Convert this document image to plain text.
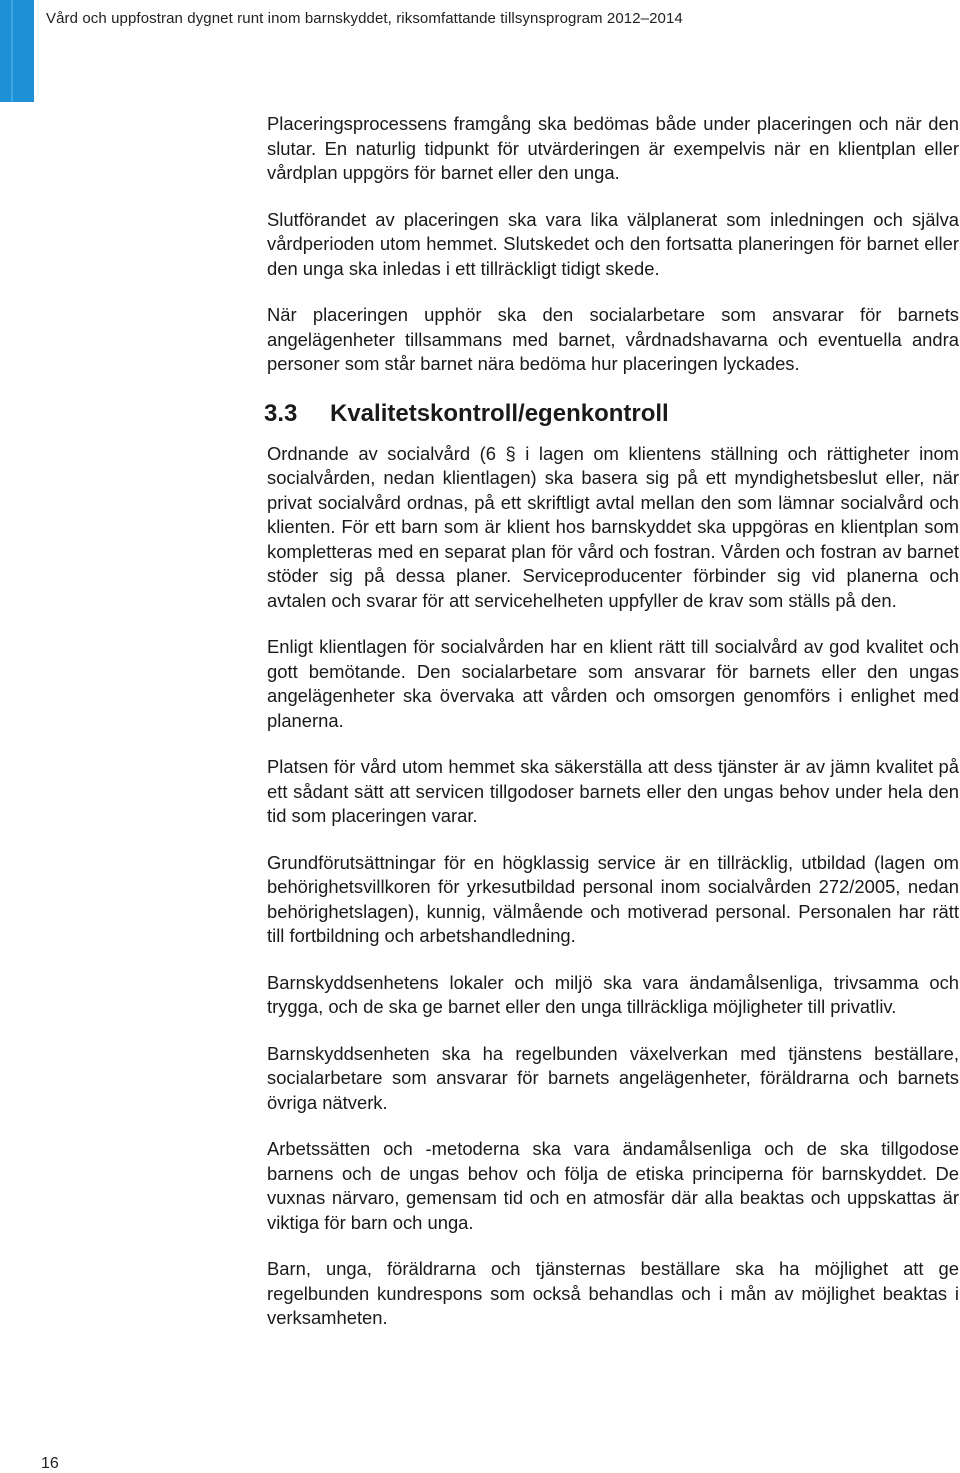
Vård och uppfostran dygnet runt inom barnskyddet, riksomfattande tillsynsprogram 2012–2014

Placeringsprocessens framgång ska bedömas både under placeringen och när den slutar. En naturlig tidpunkt för utvärderingen är exempelvis när en klientplan eller vårdplan uppgörs för barnet eller den unga.

Slutförandet av placeringen ska vara lika välplanerat som inledningen och själva vårdperioden utom hemmet. Slutskedet och den fortsatta planeringen för barnet eller den unga ska inledas i ett tillräckligt tidigt skede.

När placeringen upphör ska den socialarbetare som ansvarar för barnets angelägenheter tillsammans med barnet, vårdnadshavarna och eventuella andra personer som står barnet nära bedöma hur placeringen lyckades.

3.3	Kvalitetskontroll/egenkontroll

Ordnande av socialvård (6 § i lagen om klientens ställning och rättigheter inom socialvården, nedan klientlagen) ska basera sig på ett myndighetsbeslut eller, när privat socialvård ordnas, på ett skriftligt avtal mellan den som lämnar socialvård och klienten. För ett barn som är klient hos barnskyddet ska uppgöras en klientplan som kompletteras med en separat plan för vård och fostran. Vården och fostran av barnet stöder sig på dessa planer. Serviceproducenter förbinder sig vid planerna och avtalen och svarar för att servicehelheten uppfyller de krav som ställs på den.

Enligt klientlagen för socialvården har en klient rätt till socialvård av god kvalitet och gott bemötande. Den socialarbetare som ansvarar för barnets eller den ungas angelägenheter ska övervaka att vården och omsorgen genomförs i enlighet med planerna.

Platsen för vård utom hemmet ska säkerställa att dess tjänster är av jämn kvalitet på ett sådant sätt att servicen tillgodoser barnets eller den ungas behov under hela den tid som placeringen varar.

Grundförutsättningar för en högklassig service är en tillräcklig, utbildad (lagen om behörighetsvillkoren för yrkesutbildad personal inom socialvården 272/2005, nedan behörighetslagen), kunnig, välmående och motiverad personal. Personalen har rätt till fortbildning och arbetshandledning.

Barnskyddsenhetens lokaler och miljö ska vara ändamålsenliga, trivsamma och trygga, och de ska ge barnet eller den unga tillräckliga möjligheter till privatliv.

Barnskyddsenheten ska ha regelbunden växelverkan med tjänstens beställare, socialarbetare som ansvarar för barnets angelägenheter, föräldrarna och barnets övriga nätverk.

Arbetssätten och -metoderna ska vara ändamålsenliga och de ska tillgodose barnens och de ungas behov och följa de etiska principerna för barnskyddet. De vuxnas närvaro, gemensam tid och en atmosfär där alla beaktas och uppskattas är viktiga för barn och unga.

Barn, unga, föräldrarna och tjänsternas beställare ska ha möjlighet att ge regelbunden kundrespons som också behandlas och i mån av möjlighet beaktas i verksamheten.

16
